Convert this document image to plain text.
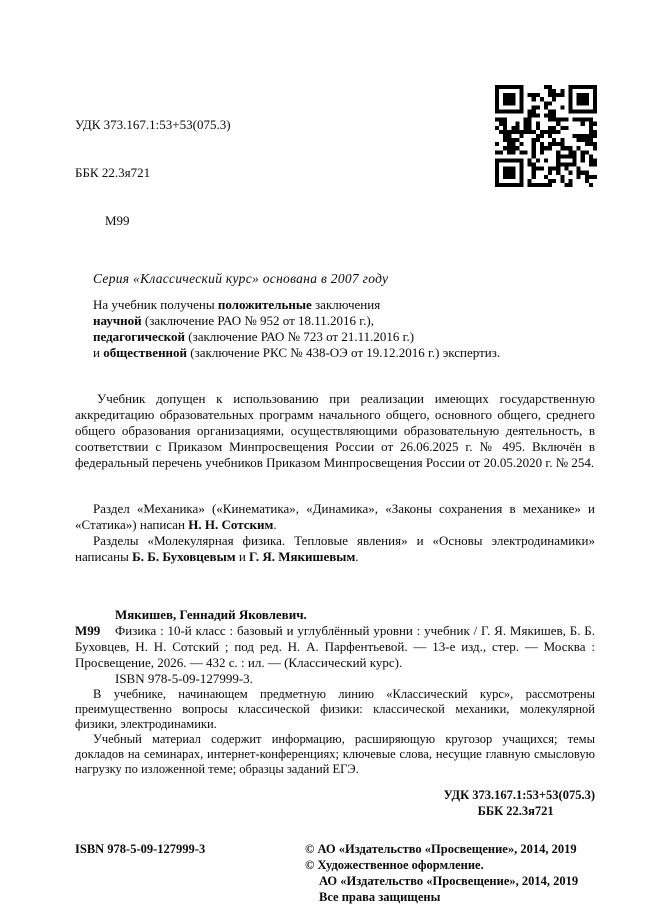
УДК 373.167.1:53+53(075.3)

ББК 22.3я721

М99

Серия «Классический курс» основана в 2007 году

На учебник получены положительные заключения
научной (заключение РАО № 952 от 18.11.2016 г.),
педагогической (заключение РАО № 723 от 21.11.2016 г.)
и общественной (заключение РКС № 438-ОЭ от 19.12.2016 г.) экспертиз.

Учебник допущен к использованию при реализации имеющих государственную аккредитацию образовательных программ начального общего, основного общего, среднего общего образования организациями, осуществляющими образовательную деятельность, в соответствии с Приказом Минпросвещения России от 26.06.2025 г. № 495. Включён в федеральный перечень учебников Приказом Минпросвещения России от 20.05.2020 г. № 254.

Раздел «Механика» («Кинематика», «Динамика», «Законы сохранения в механике» и «Статика») написан Н. Н. Сотским.

Разделы «Молекулярная физика. Тепловые явления» и «Основы электродинамики» написаны Б. Б. Буховцевым и Г. Я. Мякишевым.

Мякишев, Геннадий Яковлевич.

М99	Физика : 10-й класс : базовый и углублённый уровни : учебник / Г. Я. Мякишев, Б. Б. Буховцев, Н. Н. Сотский ; под ред. Н. А. Парфентьевой. — 13-е изд., стер. — Москва : Просвещение, 2026. — 432 с. : ил. — (Классический курс).

ISBN 978-5-09-127999-3.

В учебнике, начинающем предметную линию «Классический курс», рассмотрены преимущественно вопросы классической физики: классической механики, молекулярной физики, электродинамики.

Учебный материал содержит информацию, расширяющую кругозор учащихся; темы докладов на семинарах, интернет-конференциях; ключевые слова, несущие главную смысловую нагрузку по изложенной теме; образцы заданий ЕГЭ.

УДК 373.167.1:53+53(075.3)
ББК 22.3я721
ISBN 978-5-09-127999-3	© АО «Издательство «Просвещение», 2014, 2019
© Художественное оформление.
АО «Издательство «Просвещение», 2014, 2019
Все права защищены
